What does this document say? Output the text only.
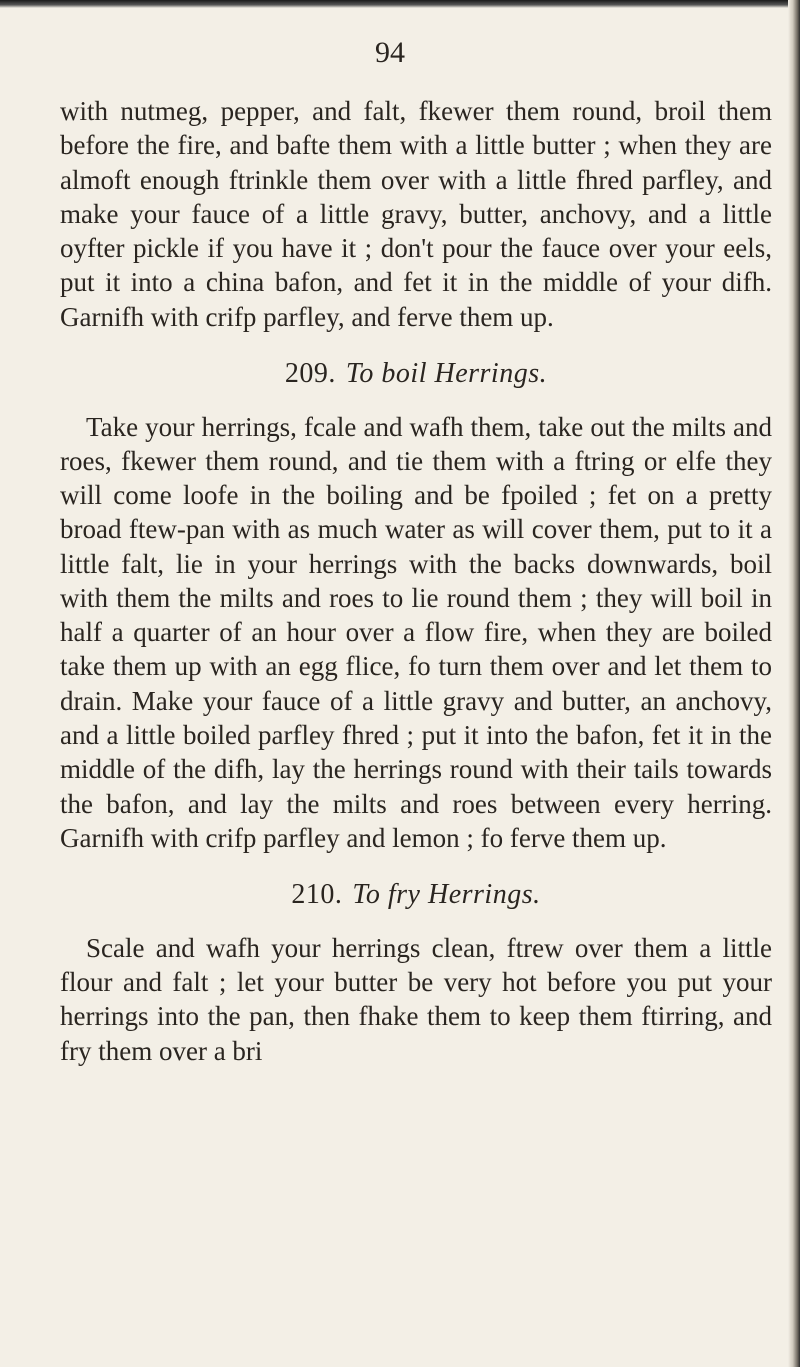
94

with nutmeg, pepper, and falt, fkewer them round, broil them before the fire, and bafte them with a little butter ; when they are almoft enough ftrinkle them over with a little fhred parfley, and make your fauce of a little gravy, butter, anchovy, and a little oyfter pickle if you have it ; don't pour the fauce over your eels, put it into a china bafon, and fet it in the middle of your difh. Garnifh with crifp parfley, and ferve them up.

209. To boil Herrings.

Take your herrings, fcale and wafh them, take out the milts and roes, fkewer them round, and tie them with a ftring or elfe they will come loofe in the boiling and be fpoiled ; fet on a pretty broad ftew-pan with as much water as will cover them, put to it a little falt, lie in your herrings with the backs downwards, boil with them the milts and roes to lie round them ; they will boil in half a quarter of an hour over a flow fire, when they are boiled take them up with an egg flice, fo turn them over and let them to drain. Make your fauce of a little gravy and butter, an anchovy, and a little boiled parfley fhred ; put it into the bafon, fet it in the middle of the difh, lay the herrings round with their tails towards the bafon, and lay the milts and roes between every herring. Garnifh with crifp parfley and lemon ; fo ferve them up.

210. To fry Herrings.

Scale and wafh your herrings clean, ftrew over them a little flour and falt ; let your butter be very hot before you put your herrings into the pan, then fhake them to keep them ftirring, and fry them over a bri
